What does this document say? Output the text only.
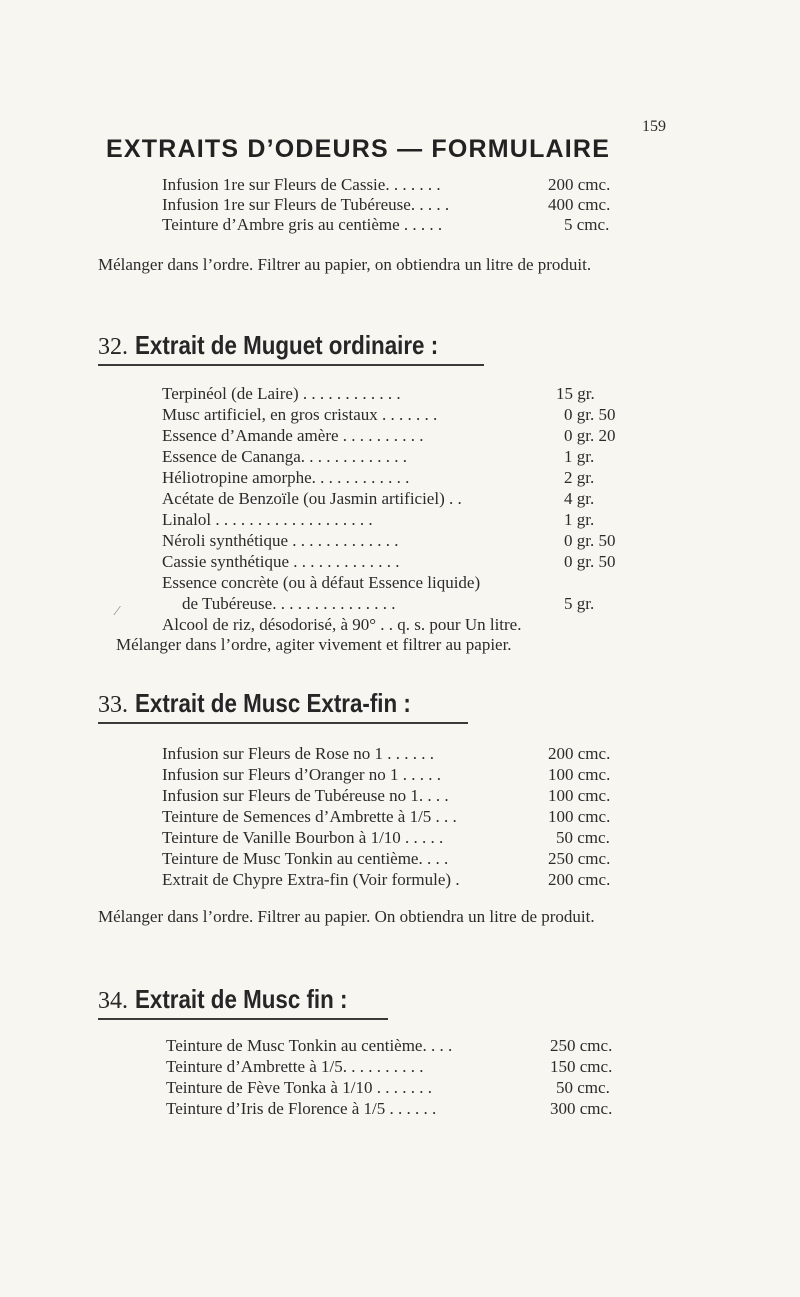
159
EXTRAITS D’ODEURS — FORMULAIRE
Infusion 1re sur Fleurs de Cassie. . . . . . .	200 cmc.
Infusion 1re sur Fleurs de Tubéreuse. . . . .	400 cmc.
Teinture d’Ambre gris au centième . . . . .	5 cmc.
Mélanger dans l’ordre. Filtrer au papier, on obtiendra un litre de produit.
32. Extrait de Muguet ordinaire :
Terpinéol (de Laire) . . . . . . . . . . . .	15 gr.
Musc artificiel, en gros cristaux . . . . . . .	0 gr. 50
Essence d’Amande amère . . . . . . . . . .	0 gr. 20
Essence de Cananga. . . . . . . . . . . . .	1 gr.
Héliotropine amorphe. . . . . . . . . . . .	2 gr.
Acétate de Benzoïle (ou Jasmin artificiel) . .	4 gr.
Linalol . . . . . . . . . . . . . . . . . . .	1 gr.
Néroli synthétique . . . . . . . . . . . . .	0 gr. 50
Cassie synthétique . . . . . . . . . . . . .	0 gr. 50
Essence concrète (ou à défaut Essence liquide)
⁄	de Tubéreuse. . . . . . . . . . . . . . .	5 gr.
Alcool de riz, désodorisé, à 90° . . q. s. pour Un litre.
Mélanger dans l’ordre, agiter vivement et filtrer au papier.
33. Extrait de Musc Extra-fin :
Infusion sur Fleurs de Rose no 1 . . . . . .	200 cmc.
Infusion sur Fleurs d’Oranger no 1 . . . . .	100 cmc.
Infusion sur Fleurs de Tubéreuse no 1. . . .	100 cmc.
Teinture de Semences d’Ambrette à 1/5 . . .	100 cmc.
Teinture de Vanille Bourbon à 1/10 . . . . .	50 cmc.
Teinture de Musc Tonkin au centième. . . .	250 cmc.
Extrait de Chypre Extra-fin (Voir formule) .	200 cmc.
Mélanger dans l’ordre. Filtrer au papier. On obtiendra un litre de produit.
34. Extrait de Musc fin :
Teinture de Musc Tonkin au centième. . . .	250 cmc.
Teinture d’Ambrette à 1/5. . . . . . . . . .	150 cmc.
Teinture de Fève Tonka à 1/10 . . . . . . .	50 cmc.
Teinture d’Iris de Florence à 1/5 . . . . . .	300 cmc.
